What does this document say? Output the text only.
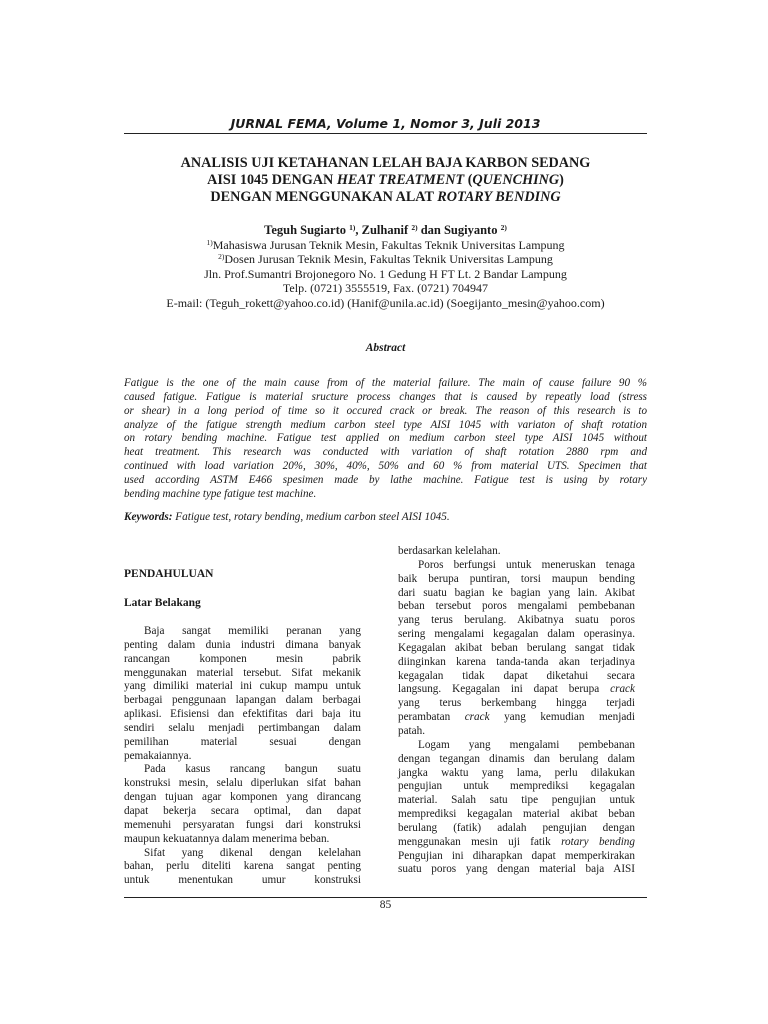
JURNAL FEMA, Volume 1, Nomor 3, Juli 2013
ANALISIS UJI KETAHANAN LELAH BAJA KARBON SEDANG
AISI 1045 DENGAN HEAT TREATMENT (QUENCHING)
DENGAN MENGGUNAKAN ALAT ROTARY BENDING
Teguh Sugiarto $^{1)}$, Zulhanif $^{2)}$ dan Sugiyanto $^{2)}$
$^{1)}$Mahasiswa Jurusan Teknik Mesin, Fakultas Teknik Universitas Lampung
$^{2)}$Dosen Jurusan Teknik Mesin, Fakultas Teknik Universitas Lampung
Jln. Prof.Sumantri Brojonegoro No. 1 Gedung H FT Lt. 2 Bandar Lampung
Telp. (0721) 3555519, Fax. (0721) 704947
E-mail: (Teguh_rokett@yahoo.co.id) (Hanif@unila.ac.id) (Soegijanto_mesin@yahoo.com)
Abstract
Fatigue is the one of the main cause from of the material failure. The main of cause failure 90 %
caused fatigue. Fatigue is material sructure process changes that is caused by repeatly load (stress
or shear) in a long period of time so it occured crack or break. The reason of this research is to
analyze of the fatigue strength medium carbon steel type AISI 1045 with variaton of shaft rotation
on rotary bending machine. Fatigue test applied on medium carbon steel type AISI 1045 without
heat treatment. This research was conducted with variation of shaft rotation 2880 rpm and
continued with load variation 20%, 30%, 40%, 50% and 60 % from material UTS. Specimen that
used according ASTM E466 spesimen made by lathe machine. Fatigue test is using by rotary
bending machine type fatigue test machine.
Keywords: Fatigue test, rotary bending, medium carbon steel AISI 1045.
PENDAHULUAN
Latar Belakang
Baja sangat memiliki peranan yang
penting dalam dunia industri dimana banyak
rancangan komponen mesin pabrik
menggunakan material tersebut. Sifat mekanik
yang dimiliki material ini cukup mampu untuk
berbagai penggunaan lapangan dalam berbagai
aplikasi. Efisiensi dan efektifitas dari baja itu
sendiri selalu menjadi pertimbangan dalam
pemilihan material sesuai dengan
pemakaiannya.
Pada kasus rancang bangun suatu
konstruksi mesin, selalu diperlukan sifat bahan
dengan tujuan agar komponen yang dirancang
dapat bekerja secara optimal, dan dapat
memenuhi persyaratan fungsi dari konstruksi
maupun kekuatannya dalam menerima beban.
Sifat yang dikenal dengan kelelahan
bahan, perlu diteliti karena sangat penting
untuk menentukan umur konstruksi
berdasarkan kelelahan.
Poros berfungsi untuk meneruskan tenaga
baik berupa puntiran, torsi maupun bending
dari suatu bagian ke bagian yang lain. Akibat
beban tersebut poros mengalami pembebanan
yang terus berulang. Akibatnya suatu poros
sering mengalami kegagalan dalam operasinya.
Kegagalan akibat beban berulang sangat tidak
diinginkan karena tanda-tanda akan terjadinya
kegagalan tidak dapat diketahui secara
langsung. Kegagalan ini dapat berupa crack
yang terus berkembang hingga terjadi
perambatan crack yang kemudian menjadi
patah.
Logam yang mengalami pembebanan
dengan tegangan dinamis dan berulang dalam
jangka waktu yang lama, perlu dilakukan
pengujian untuk memprediksi kegagalan
material. Salah satu tipe pengujian untuk
memprediksi kegagalan material akibat beban
berulang (fatik) adalah pengujian dengan
menggunakan mesin uji fatik rotary bending
Pengujian ini diharapkan dapat memperkirakan
suatu poros yang dengan material baja AISI
85
